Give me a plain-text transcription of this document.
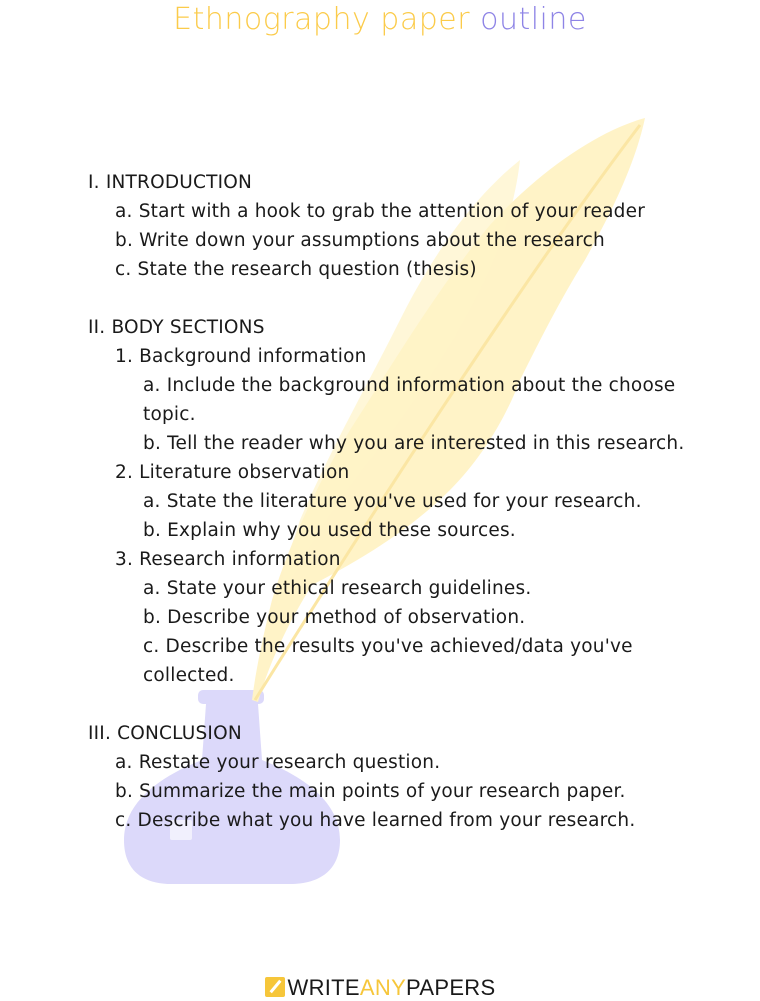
Ethnography paper outline
I. INTRODUCTION
a. Start with a hook to grab the attention of your reader
b. Write down your assumptions about the research
c. State the research question (thesis)
II. BODY SECTIONS
1. Background information
a. Include the background information about the choose topic.
b. Tell the reader why you are interested in this research.
2. Literature observation
a. State the literature you've used for your research.
b. Explain why you used these sources.
3. Research information
a. State your ethical research guidelines.
b. Describe your method of observation.
c. Describe the results you've achieved/data you've collected.
III. CONCLUSION
a. Restate your research question.
b. Summarize the main points of your research paper.
c. Describe what you have learned from your research.
WRITEANYPAPERS
